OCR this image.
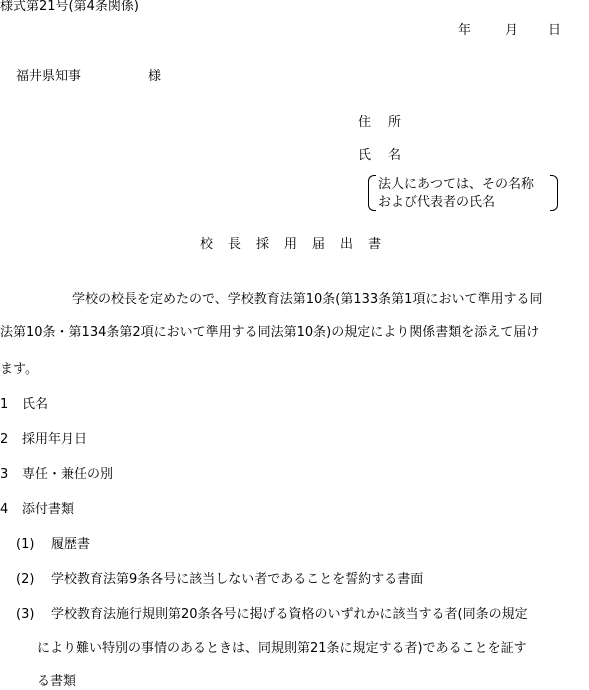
様式第21号(第4条関係)
年	月 日
福井県知事	様
住所
氏名
法人にあつては、その名称
および代表者の氏名
校長採用届出書
学校の校長を定めたので、学校教育法第10条(第133条第1項において準用する同
法第10条・第134条第2項において準用する同法第10条)の規定により関係書類を添えて届け
ます。
1 氏名
2 採用年月日
3 専任・兼任の別
4 添付書類
(1) 履歴書
(2) 学校教育法第9条各号に該当しない者であることを誓約する書面
(3) 学校教育法施行規則第20条各号に掲げる資格のいずれかに該当する者(同条の規定
により難い特別の事情のあるときは、同規則第21条に規定する者)であることを証す
る書類
